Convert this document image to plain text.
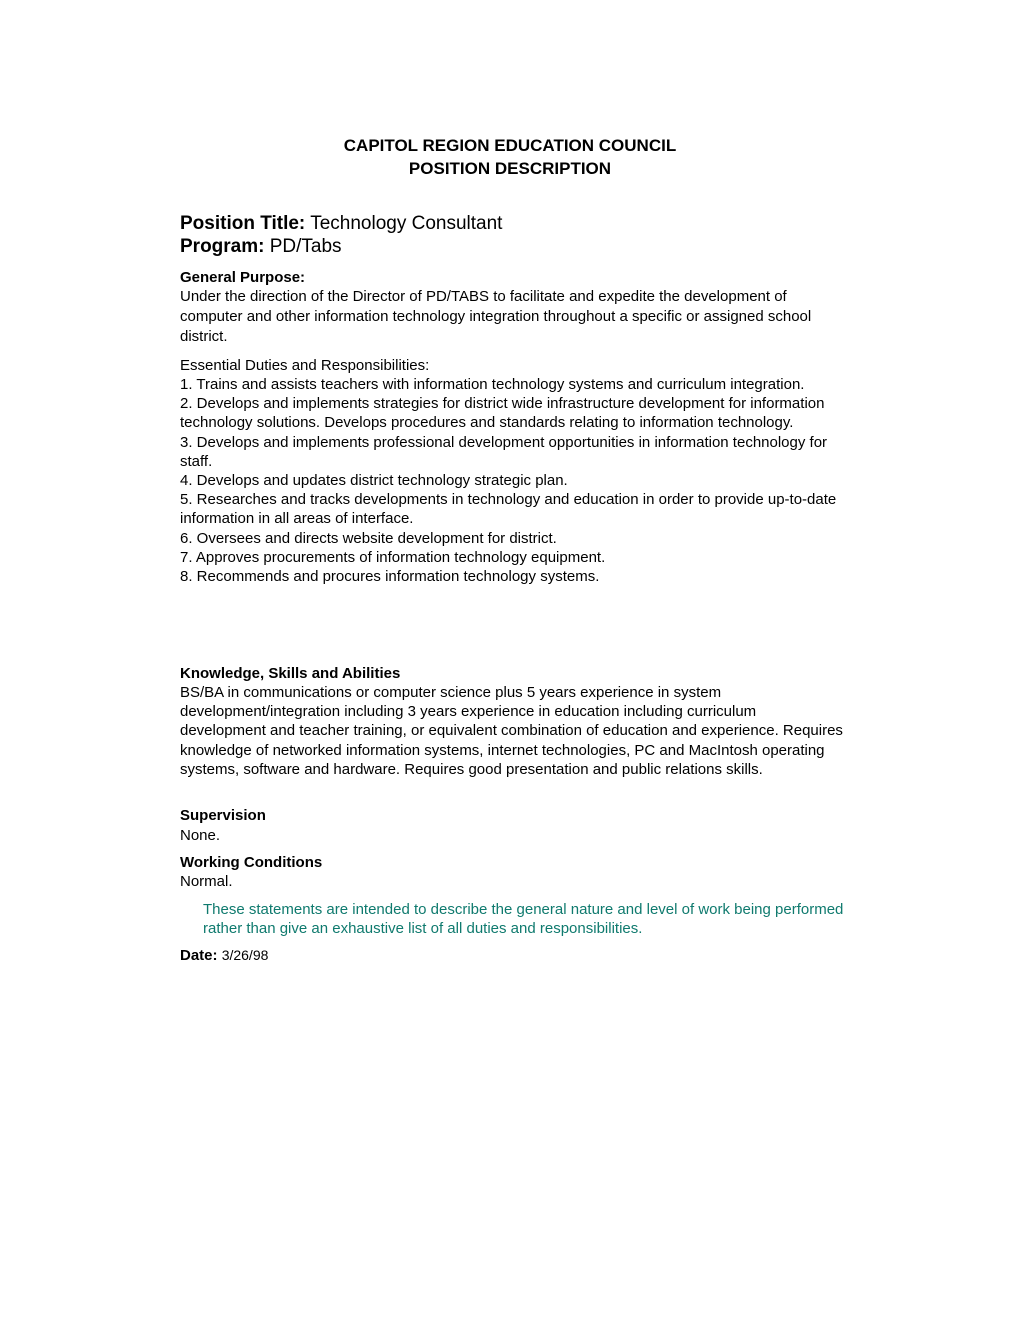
CAPITOL REGION EDUCATION COUNCIL
POSITION DESCRIPTION
Position Title: Technology Consultant
Program: PD/Tabs
General Purpose:
Under the direction of the Director of PD/TABS to facilitate and expedite the development of computer and other information technology integration throughout a specific or assigned school district.
Essential Duties and Responsibilities:
1. Trains and assists teachers with information technology systems and curriculum integration.
2. Develops and implements strategies for district wide infrastructure development for information technology solutions. Develops procedures and standards relating to information technology.
3. Develops and implements professional development opportunities in information technology for staff.
4. Develops and updates district technology strategic plan.
5. Researches and tracks developments in technology and education in order to provide up-to-date information in all areas of interface.
6. Oversees and directs website development for district.
7. Approves procurements of information technology equipment.
8. Recommends and procures information technology systems.
Knowledge, Skills and Abilities
BS/BA in communications or computer science plus 5 years experience in system development/integration including 3 years experience in education including curriculum development and teacher training, or equivalent combination of education and experience. Requires knowledge of networked information systems, internet technologies, PC and MacIntosh operating systems, software and hardware. Requires good presentation and public relations skills.
Supervision
None.
Working Conditions
Normal.
These statements are intended to describe the general nature and level of work being performed rather than give an exhaustive list of all duties and responsibilities.
Date: 3/26/98
